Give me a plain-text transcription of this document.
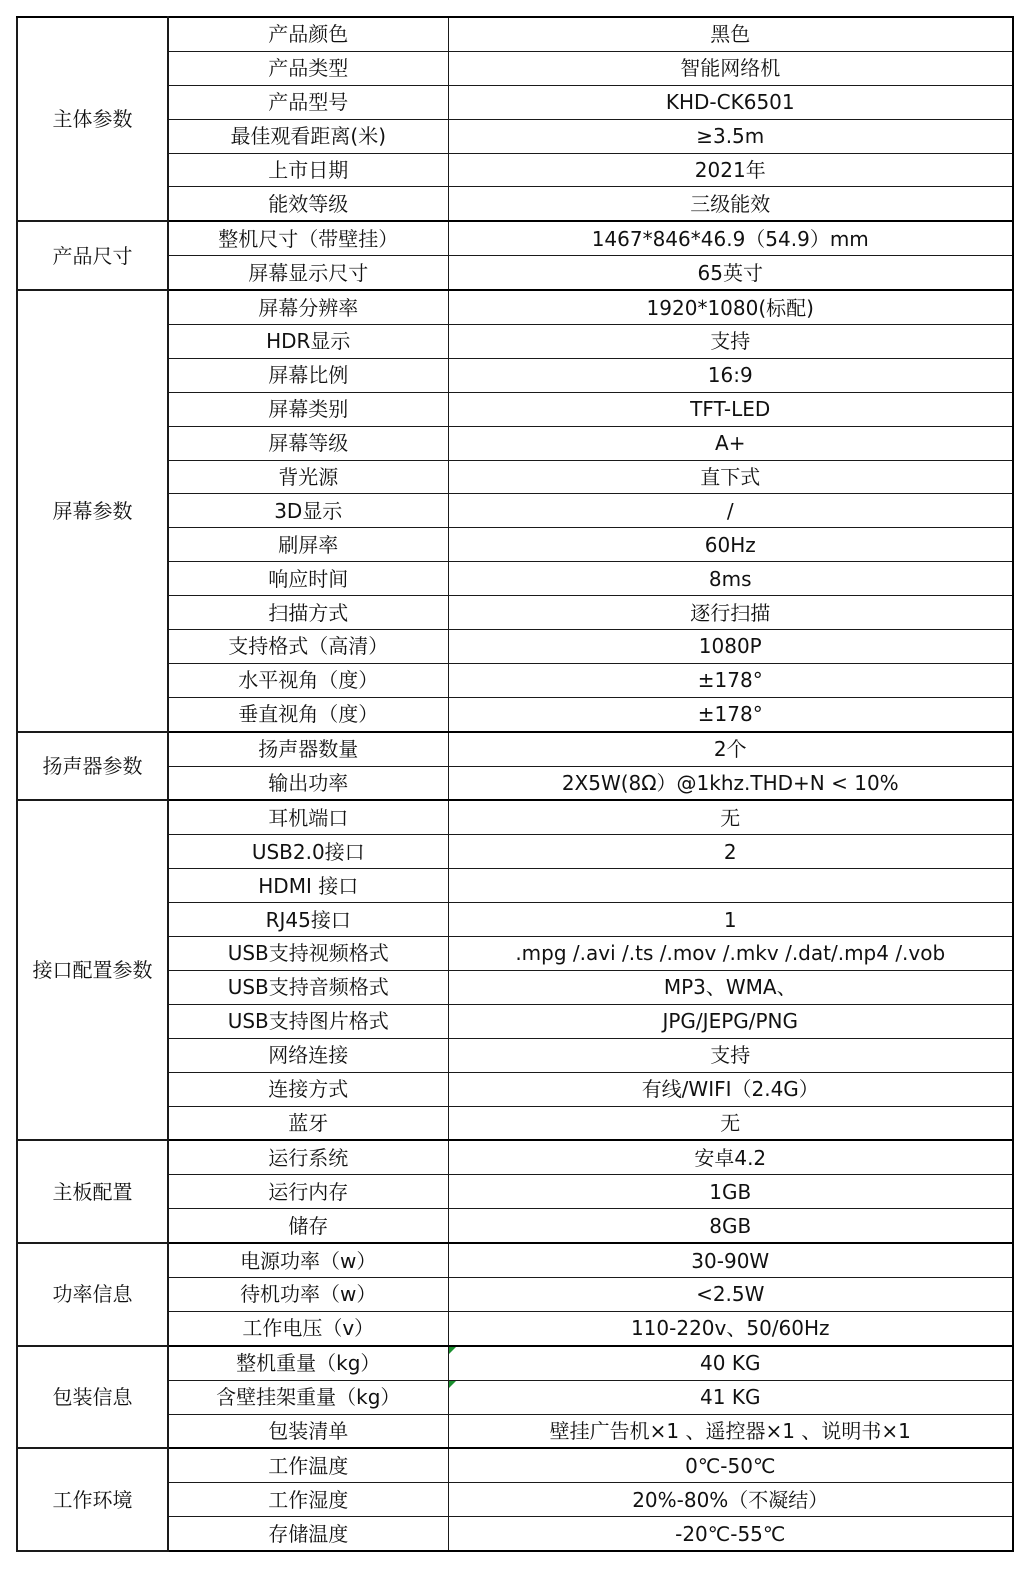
主体参数	产品颜色	黑色
	产品类型	智能网络机
	产品型号	KHD-CK6501
	最佳观看距离(米)	≥3.5m
	上市日期	2021年
	能效等级	三级能效
产品尺寸	整机尺寸（带壁挂）	1467*846*46.9（54.9）mm
	屏幕显示尺寸	65英寸
屏幕参数	屏幕分辨率	1920*1080(标配)
	HDR显示	支持
	屏幕比例	16:9
	屏幕类别	TFT-LED
	屏幕等级	A+
	背光源	直下式
	3D显示	/
	刷屏率	60Hz
	响应时间	8ms
	扫描方式	逐行扫描
	支持格式（高清）	1080P
	水平视角（度）	±178°
	垂直视角（度）	±178°
扬声器参数	扬声器数量	2个
	输出功率	2X5W(8Ω）@1khz.THD+N < 10%
接口配置参数	耳机端口	无
	USB2.0接口	2
	HDMI 接口	
	RJ45接口	1
	USB支持视频格式	.mpg /.avi /.ts /.mov /.mkv /.dat/.mp4 /.vob
	USB支持音频格式	MP3、WMA、
	USB支持图片格式	JPG/JEPG/PNG
	网络连接	支持
	连接方式	有线/WIFI（2.4G）
	蓝牙	无
主板配置	运行系统	安卓4.2
	运行内存	1GB
	储存	8GB
功率信息	电源功率（w）	30-90W
	待机功率（w）	<2.5W
	工作电压（v）	110-220v、50/60Hz
包装信息	整机重量（kg）	40 KG
	含壁挂架重量（kg）	41 KG
	包装清单	壁挂广告机×1 、遥控器×1 、说明书×1
工作环境	工作温度	0℃-50℃
	工作湿度	20%-80%（不凝结）
	存储温度	-20℃-55℃
